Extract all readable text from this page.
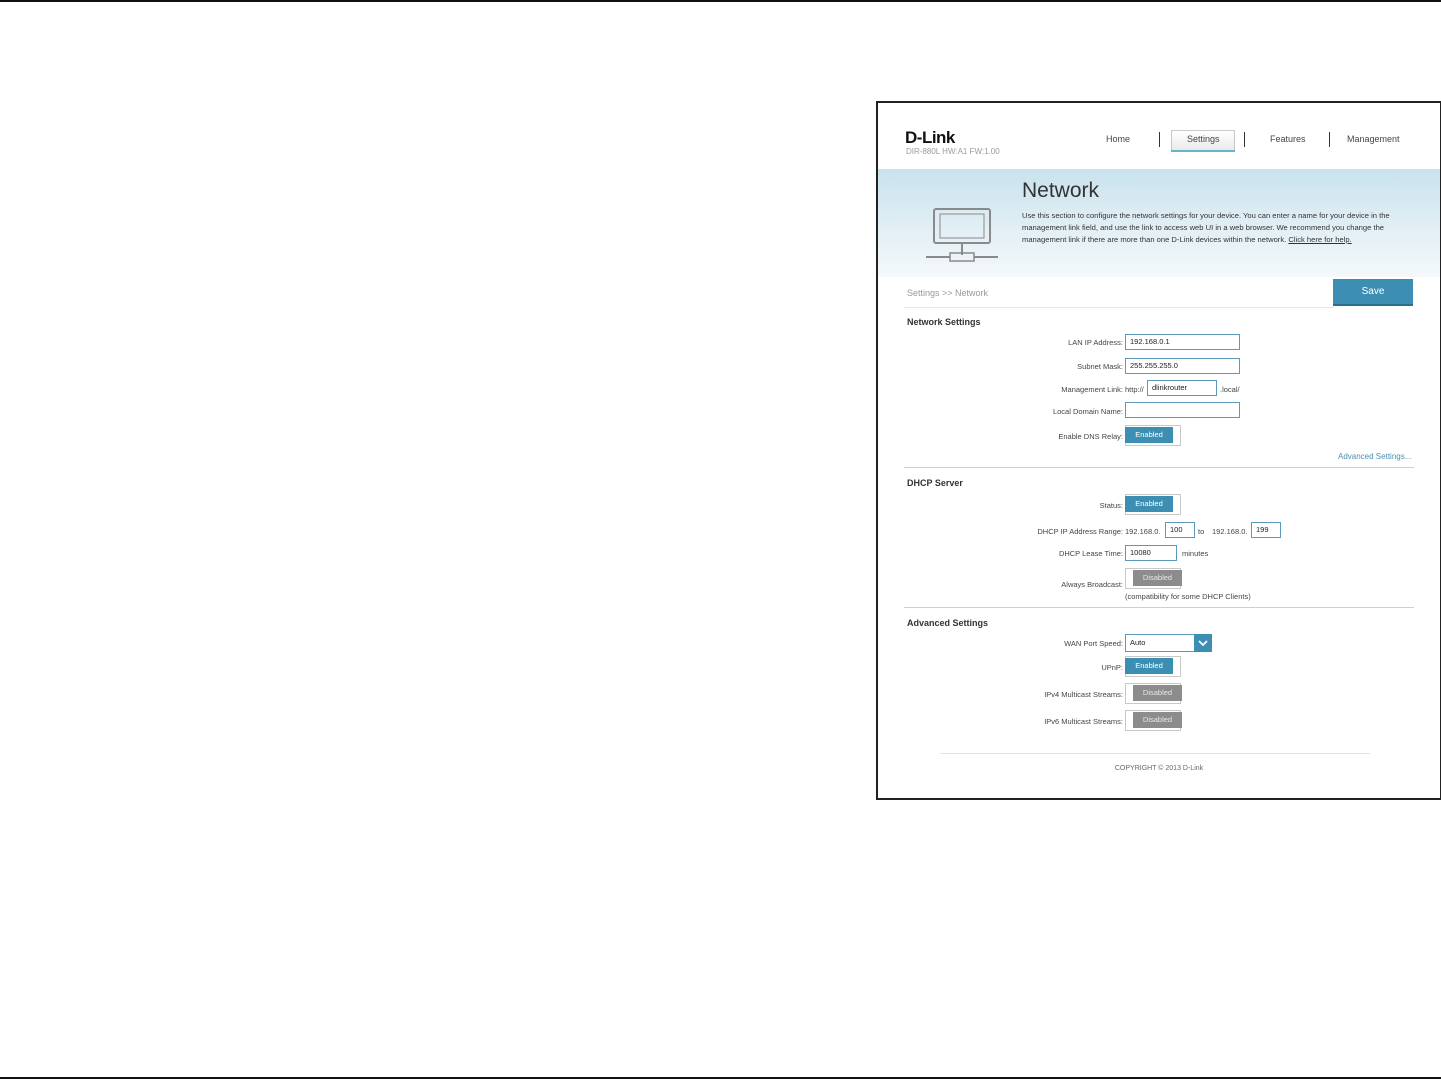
D-Link
DIR-880L HW:A1 FW:1.00
Home	Settings	Features	Management
Network
Use this section to configure the network settings for your device. You can enter a name for your device in the management link field, and use the link to access web UI in a web browser. We recommend you change the management link if there are more than one D-Link devices within the network. Click here for help.
Settings >> Network	Save
Network Settings
LAN IP Address: 192.168.0.1
Subnet Mask: 255.255.255.0
Management Link: http://	dlinkrouter	.local/
Local Domain Name:
Enable DNS Relay:	Enabled
Advanced Settings...
DHCP Server
Status:	Enabled
DHCP IP Address Range: 192.168.0.	100	to 192.168.0.	199
DHCP Lease Time: 10080	minutes
Always Broadcast:
Disabled
(compatibility for some DHCP Clients)
Advanced Settings
WAN Port Speed: Auto
UPnP:	Enabled
IPv4 Multicast Streams:	Disabled
IPv6 Multicast Streams:	Disabled
COPYRIGHT © 2013 D-Link
